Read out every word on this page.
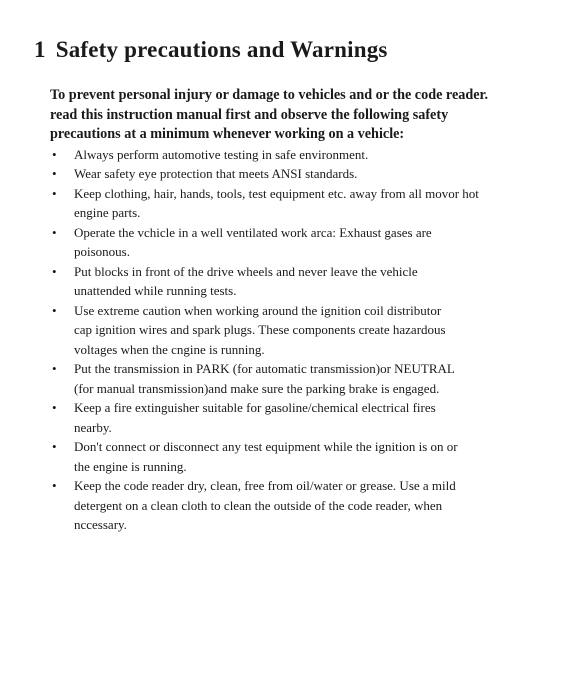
1 Safety precautions and Warnings
To prevent personal injury or damage to vehicles and or the code reader.
read this instruction manual first and observe the following safety
precautions at a minimum whenever working on a vehicle:
• Always perform automotive testing in safe environment.
• Wear safety eye protection that meets ANSI standards.
• Keep clothing, hair, hands, tools, test equipment etc. away from all movor hot
engine parts.
• Operate the vchicle in a well ventilated work arca: Exhaust gases are
poisonous.
• Put blocks in front of the drive wheels and never leave the vehicle
unattended while running tests.
• Use extreme caution when working around the ignition coil distributor
cap ignition wires and spark plugs. These components create hazardous
voltages when the cngine is running.
• Put the transmission in PARK (for automatic transmission)or NEUTRAL
(for manual transmission)and make sure the parking brake is engaged.
• Keep a fire extinguisher suitable for gasoline/chemical electrical fires
nearby.
• Don't connect or disconnect any test equipment while the ignition is on or
the engine is running.
• Keep the code reader dry, clean, free from oil/water or grease. Use a mild
detergent on a clean cloth to clean the outside of the code reader, when
nccessary.
